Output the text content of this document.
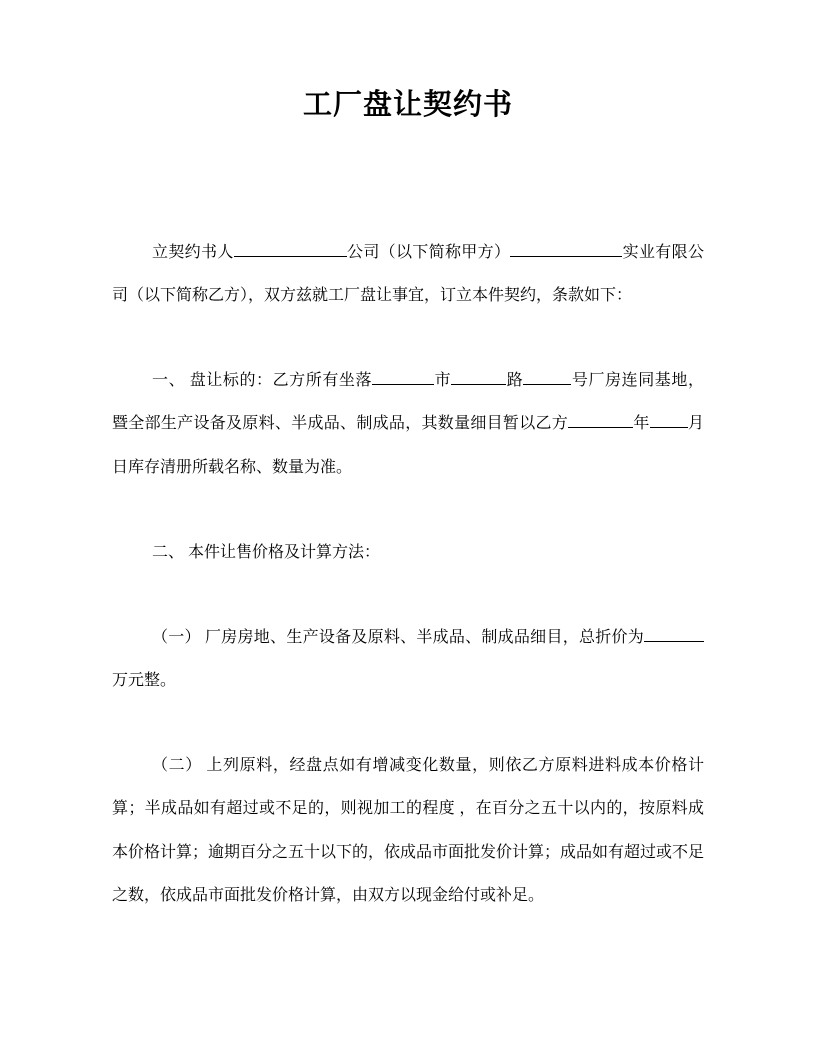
工厂盘让契约书

立契约书人	公司（以下简称甲方）	实业有限公司（以下简称乙方），双方兹就工厂盘让事宜，订立本件契约，条款如下：

一、 盘让标的：乙方所有坐落	市	路	号厂房连同基地，暨全部生产设备及原料、半成品、制成品，其数量细目暂以乙方	年 月日库存清册所载名称、数量为准。

二、 本件让售价格及计算方法：

（一） 厂房房地、生产设备及原料、半成品、制成品细目，总折价为万元整。

（二） 上列原料，经盘点如有增减变化数量，则依乙方原料进料成本价格计算；半成品如有超过或不足的，则视加工的程度 ，在百分之五十以内的，按原料成本价格计算；逾期百分之五十以下的，依成品市面批发价计算；成品如有超过或不足之数，依成品市面批发价格计算，由双方以现金给付或补足。
